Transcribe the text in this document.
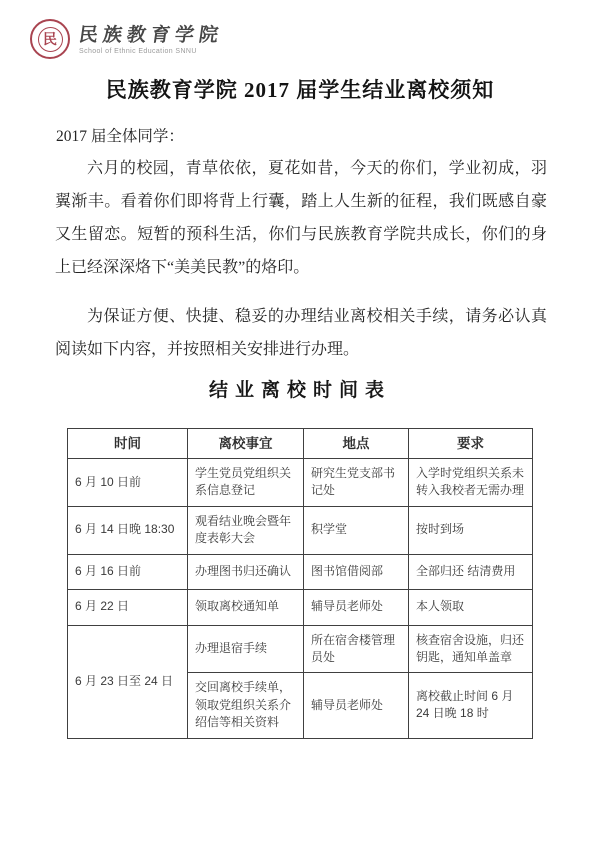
民 民族教育学院
School of Ethnic Education SNNU
民族教育学院 2017 届学生结业离校须知

2017 届全体同学：

六月的校园，青草依依，夏花如昔，今天的你们，学业初成，羽翼渐丰。看着你们即将背上行囊，踏上人生新的征程，我们既感自豪又生留恋。短暂的预科生活，你们与民族教育学院共成长，你们的身上已经深深烙下“美美民教”的烙印。

为保证方便、快捷、稳妥的办理结业离校相关手续，请务必认真阅读如下内容，并按照相关安排进行办理。

结业离校时间表
时间	离校事宜	地点	要求
6 月 10 日前	学生党员党组织关系信息登记	研究生党支部书记处	入学时党组织关系未转入我校者无需办理
6 月 14 日晚 18:30	观看结业晚会暨年度表彰大会	积学堂	按时到场
6 月 16 日前	办理图书归还确认	图书馆借阅部	全部归还 结清费用
6 月 22 日	领取离校通知单	辅导员老师处	本人领取
6 月 23 日至 24 日	办理退宿手续	所在宿舍楼管理员处	核查宿舍设施，归还钥匙，通知单盖章
	交回离校手续单，领取党组织关系介绍信等相关资料	辅导员老师处	离校截止时间 6 月 24 日晚 18 时
